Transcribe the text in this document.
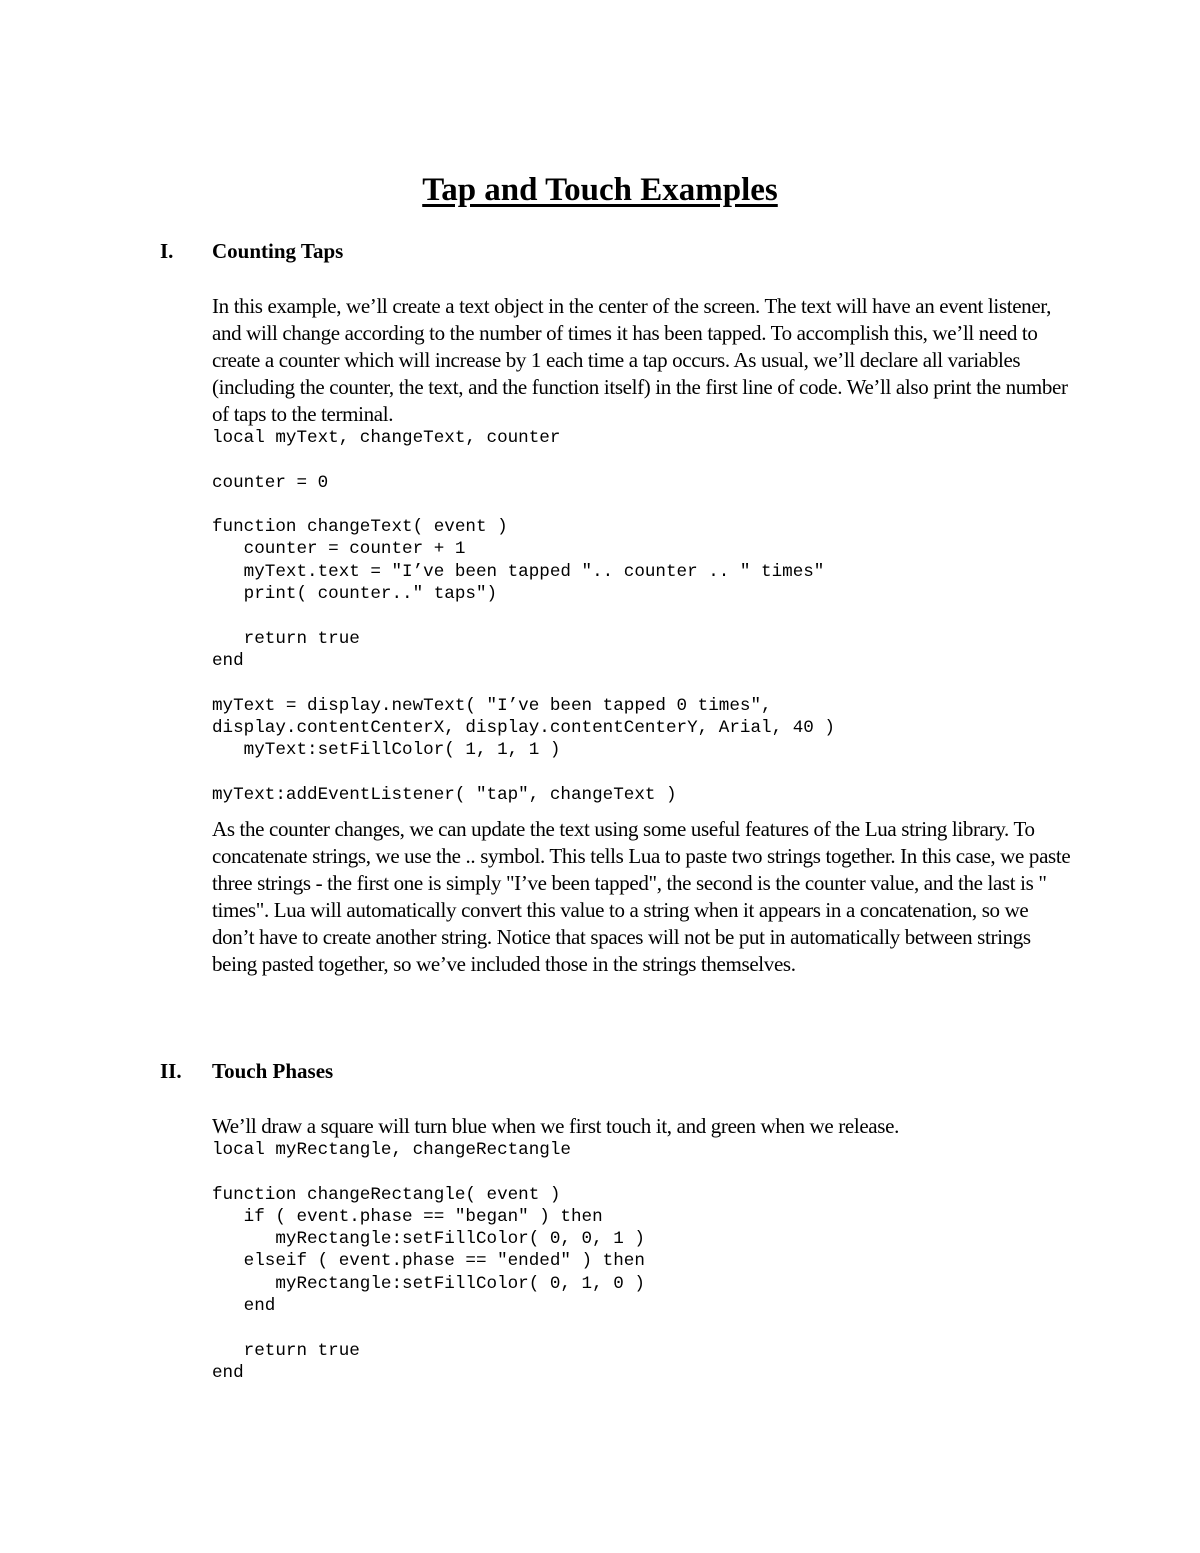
Tap and Touch Examples
I. Counting Taps

In this example, we’ll create a text object in the center of the screen. The text will have an event listener, and will change according to the number of times it has been tapped. To accomplish this, we’ll need to create a counter which will increase by 1 each time a tap occurs. As usual, we’ll declare all variables (including the counter, the text, and the function itself) in the first line of code. We’ll also print the number of taps to the terminal.

local myText, changeText, counter

counter = 0

function changeText( event )
counter = counter + 1
myText.text = "I’ve been tapped ".. counter .. " times"
print( counter.." taps")

return true
end

myText = display.newText( "I’ve been tapped 0 times",
display.contentCenterX, display.contentCenterY, Arial, 40 )
myText:setFillColor( 1, 1, 1 )

myText:addEventListener( "tap", changeText )

As the counter changes, we can update the text using some useful features of the Lua string library. To concatenate strings, we use the .. symbol. This tells Lua to paste two strings together. In this case, we paste three strings - the first one is simply "I’ve been tapped", the second is the counter value, and the last is " times". Lua will automatically convert this value to a string when it appears in a concatenation, so we don’t have to create another string. Notice that spaces will not be put in automatically between strings being pasted together, so we’ve included those in the strings themselves.

II. Touch Phases

We’ll draw a square will turn blue when we first touch it, and green when we release.

local myRectangle, changeRectangle

function changeRectangle( event )
if ( event.phase == "began" ) then
myRectangle:setFillColor( 0, 0, 1 )
elseif ( event.phase == "ended" ) then
myRectangle:setFillColor( 0, 1, 0 )
end

return true
end
